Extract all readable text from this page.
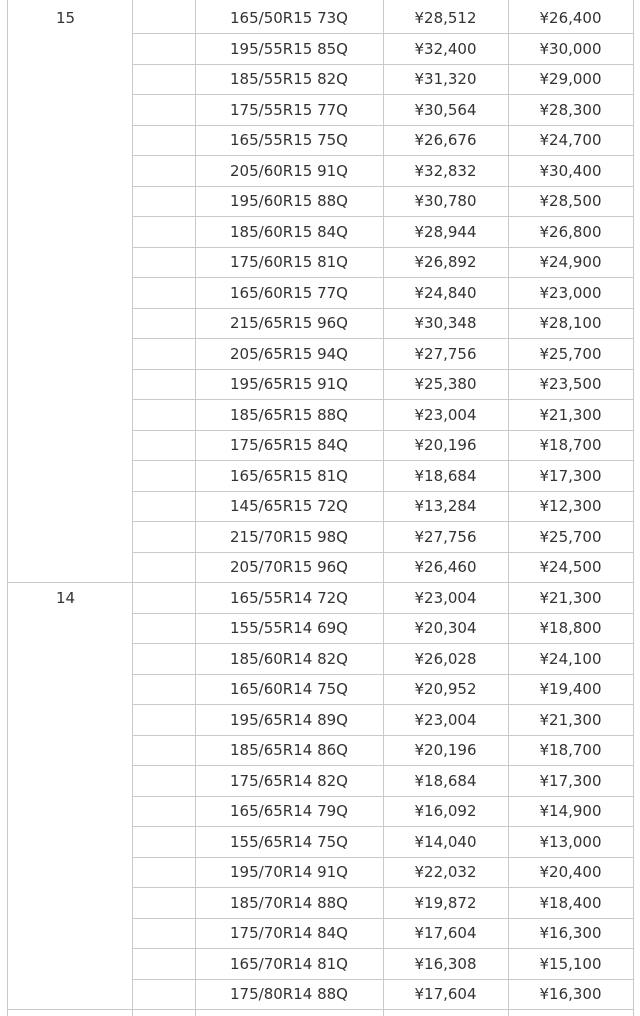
15	165/50R15 73Q	¥28,512	¥26,400
195/55R15 85Q	¥32,400	¥30,000
185/55R15 82Q	¥31,320	¥29,000
175/55R15 77Q	¥30,564	¥28,300
165/55R15 75Q	¥26,676	¥24,700
205/60R15 91Q	¥32,832	¥30,400
195/60R15 88Q	¥30,780	¥28,500
185/60R15 84Q	¥28,944	¥26,800
175/60R15 81Q	¥26,892	¥24,900
165/60R15 77Q	¥24,840	¥23,000
215/65R15 96Q	¥30,348	¥28,100
205/65R15 94Q	¥27,756	¥25,700
195/65R15 91Q	¥25,380	¥23,500
185/65R15 88Q	¥23,004	¥21,300
175/65R15 84Q	¥20,196	¥18,700
165/65R15 81Q	¥18,684	¥17,300
145/65R15 72Q	¥13,284	¥12,300
215/70R15 98Q	¥27,756	¥25,700
205/70R15 96Q	¥26,460	¥24,500
14	165/55R14 72Q	¥23,004	¥21,300
155/55R14 69Q	¥20,304	¥18,800
185/60R14 82Q	¥26,028	¥24,100
165/60R14 75Q	¥20,952	¥19,400
195/65R14 89Q	¥23,004	¥21,300
185/65R14 86Q	¥20,196	¥18,700
175/65R14 82Q	¥18,684	¥17,300
165/65R14 79Q	¥16,092	¥14,900
155/65R14 75Q	¥14,040	¥13,000
195/70R14 91Q	¥22,032	¥20,400
185/70R14 88Q	¥19,872	¥18,400
175/70R14 84Q	¥17,604	¥16,300
165/70R14 81Q	¥16,308	¥15,100
175/80R14 88Q	¥17,604	¥16,300
